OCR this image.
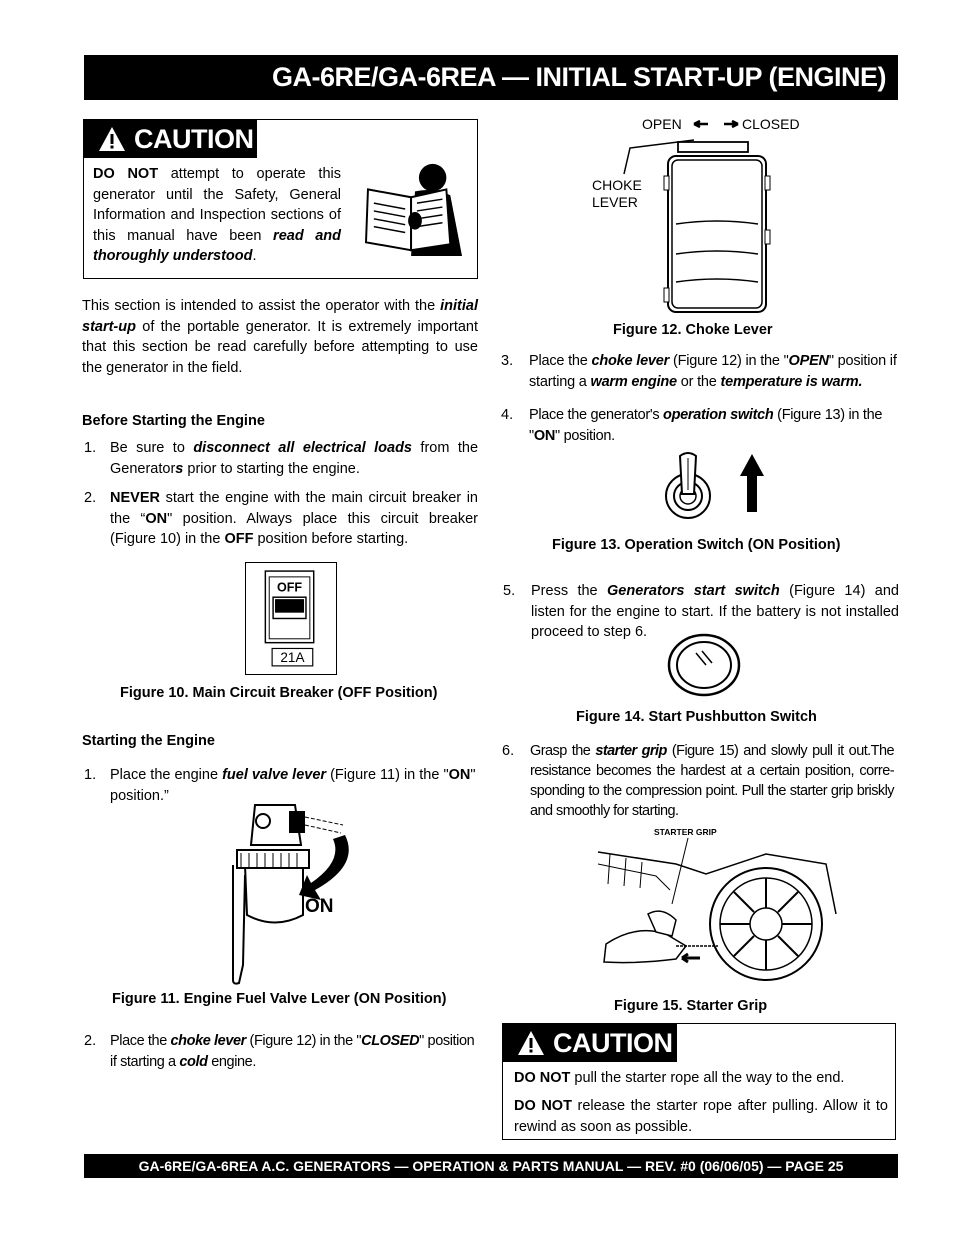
GA-6RE/GA-6REA — INITIAL START-UP (ENGINE)
CAUTION
DO NOT attempt to operate this generator until the Safety, General Information and Inspection sections of this manual have been read and thoroughly understood.
This section is intended to assist the operator with the initial start-up of the portable generator. It is extremely important that this section be read carefully before attempting to use the generator in the field.
Before Starting the Engine
1. Be sure to disconnect all electrical loads from the Generators prior to starting the engine.
2. NEVER start the engine with the main circuit breaker in the “ON" position. Always place this circuit breaker (Figure 10) in the OFF position before starting.
OFF
21A
Figure 10. Main Circuit Breaker (OFF Position)
Starting the Engine
1. Place the engine fuel valve lever (Figure 11) in the "ON" position.”
ON
Figure 11. Engine Fuel Valve Lever (ON Position)
2. Place the choke lever (Figure 12) in the "CLOSED" position if starting a cold engine.
OPEN	CLOSED
CHOKE
LEVER
Figure 12. Choke Lever
3. Place the choke lever (Figure 12) in the "OPEN" position if starting a warm engine or the temperature is warm.
4. Place the generator's operation switch (Figure 13) in the "ON" position.
Figure 13. Operation Switch (ON Position)
5. Press the Generators start switch (Figure 14) and listen for the engine to start. If the battery is not installed proceed to step 6.
Figure 14. Start Pushbutton Switch
6. Grasp the starter grip (Figure 15) and slowly pull it out.The resistance becomes the hardest at a certain position, corre- sponding to the compression point. Pull the starter grip briskly and smoothly for starting.
STARTER GRIP
Figure 15. Starter Grip
CAUTION
DO NOT pull the starter rope all the way to the end.
DO NOT release the starter rope after pulling. Allow it to rewind as soon as possible.
GA-6RE/GA-6REA A.C. GENERATORS — OPERATION & PARTS MANUAL — REV. #0 (06/06/05) — PAGE 25
